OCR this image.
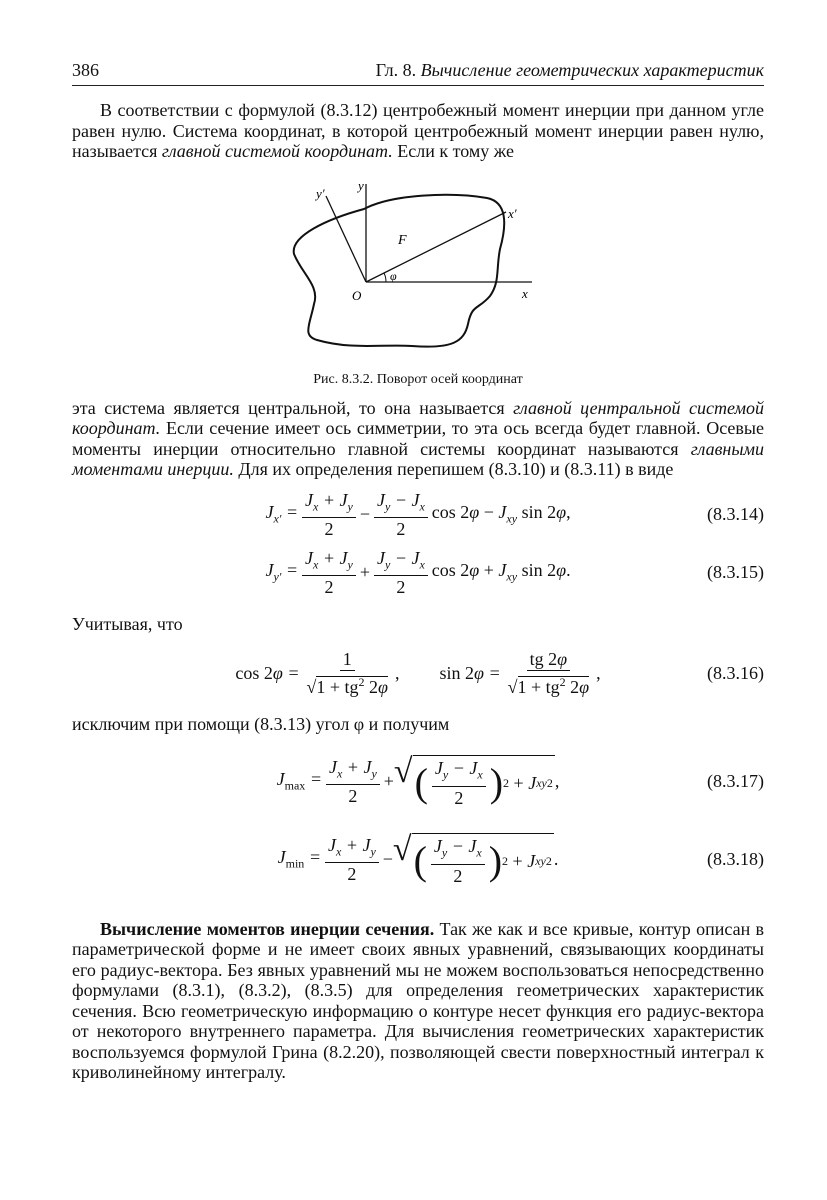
386	Гл. 8. Вычисление геометрических характеристик

В соответствии с формулой (8.3.12) центробежный момент инерции при данном угле равен нулю. Система координат, в которой центробежный момент инерции равен нулю, называется главной системой координат. Если к тому же

y
y′
x′
x
O
F
φ
Рис. 8.3.2. Поворот осей координат

эта система является центральной, то она называется главной центральной системой координат. Если сечение имеет ось симметрии, то эта ось всегда будет главной. Осевые моменты инерции относительно главной системы координат называются главными моментами инерции. Для их определения перепишем (8.3.10) и (8.3.11) в виде

$J_{x'} = \frac{J_x + J_y}{2} - \frac{J_y - J_x}{2}$ $\cos 2\varphi - J_{xy}$ sin 2φ,	(8.3.14)
$J_{y'} = \frac{J_x + J_y}{2} + \frac{J_y - J_x}{2}$ $\cos 2\varphi + J_{xy}$ sin 2φ.	(8.3.15)

Учитывая, что

$\cos 2\varphi = \frac{1}{√1 + tg^2 2\varphi}$ , $\sin 2\varphi = \frac{tg 2\varphi}{√1 + tg^2 2\varphi}$ ,	(8.3.16)

исключим при помощи (8.3.13) угол φ и получим

$J_{max} = \frac{J_x + J_y}{2}$ + √ ( $\frac{J_y - J_x}{2}$ ) 2 + J xy 2 ,	(8.3.17)
$J_{min} = \frac{J_x + J_y}{2}$ − √ ( $\frac{J_y - J_x}{2}$ ) 2 + J xy 2 .	(8.3.18)

Вычисление моментов инерции сечения. Так же как и все кривые, контур описан в параметрической форме и не имеет своих явных уравнений, связывающих координаты его радиус-вектора. Без явных уравнений мы не можем воспользоваться непосредственно формулами (8.3.1), (8.3.2), (8.3.5) для определения геометрических характеристик сечения. Всю геометрическую информацию о контуре несет функция его радиус-вектора от некоторого внутреннего параметра. Для вычисления геометрических характеристик воспользуемся формулой Грина (8.2.20), позволяющей свести поверхностный интеграл к криволинейному интегралу.
